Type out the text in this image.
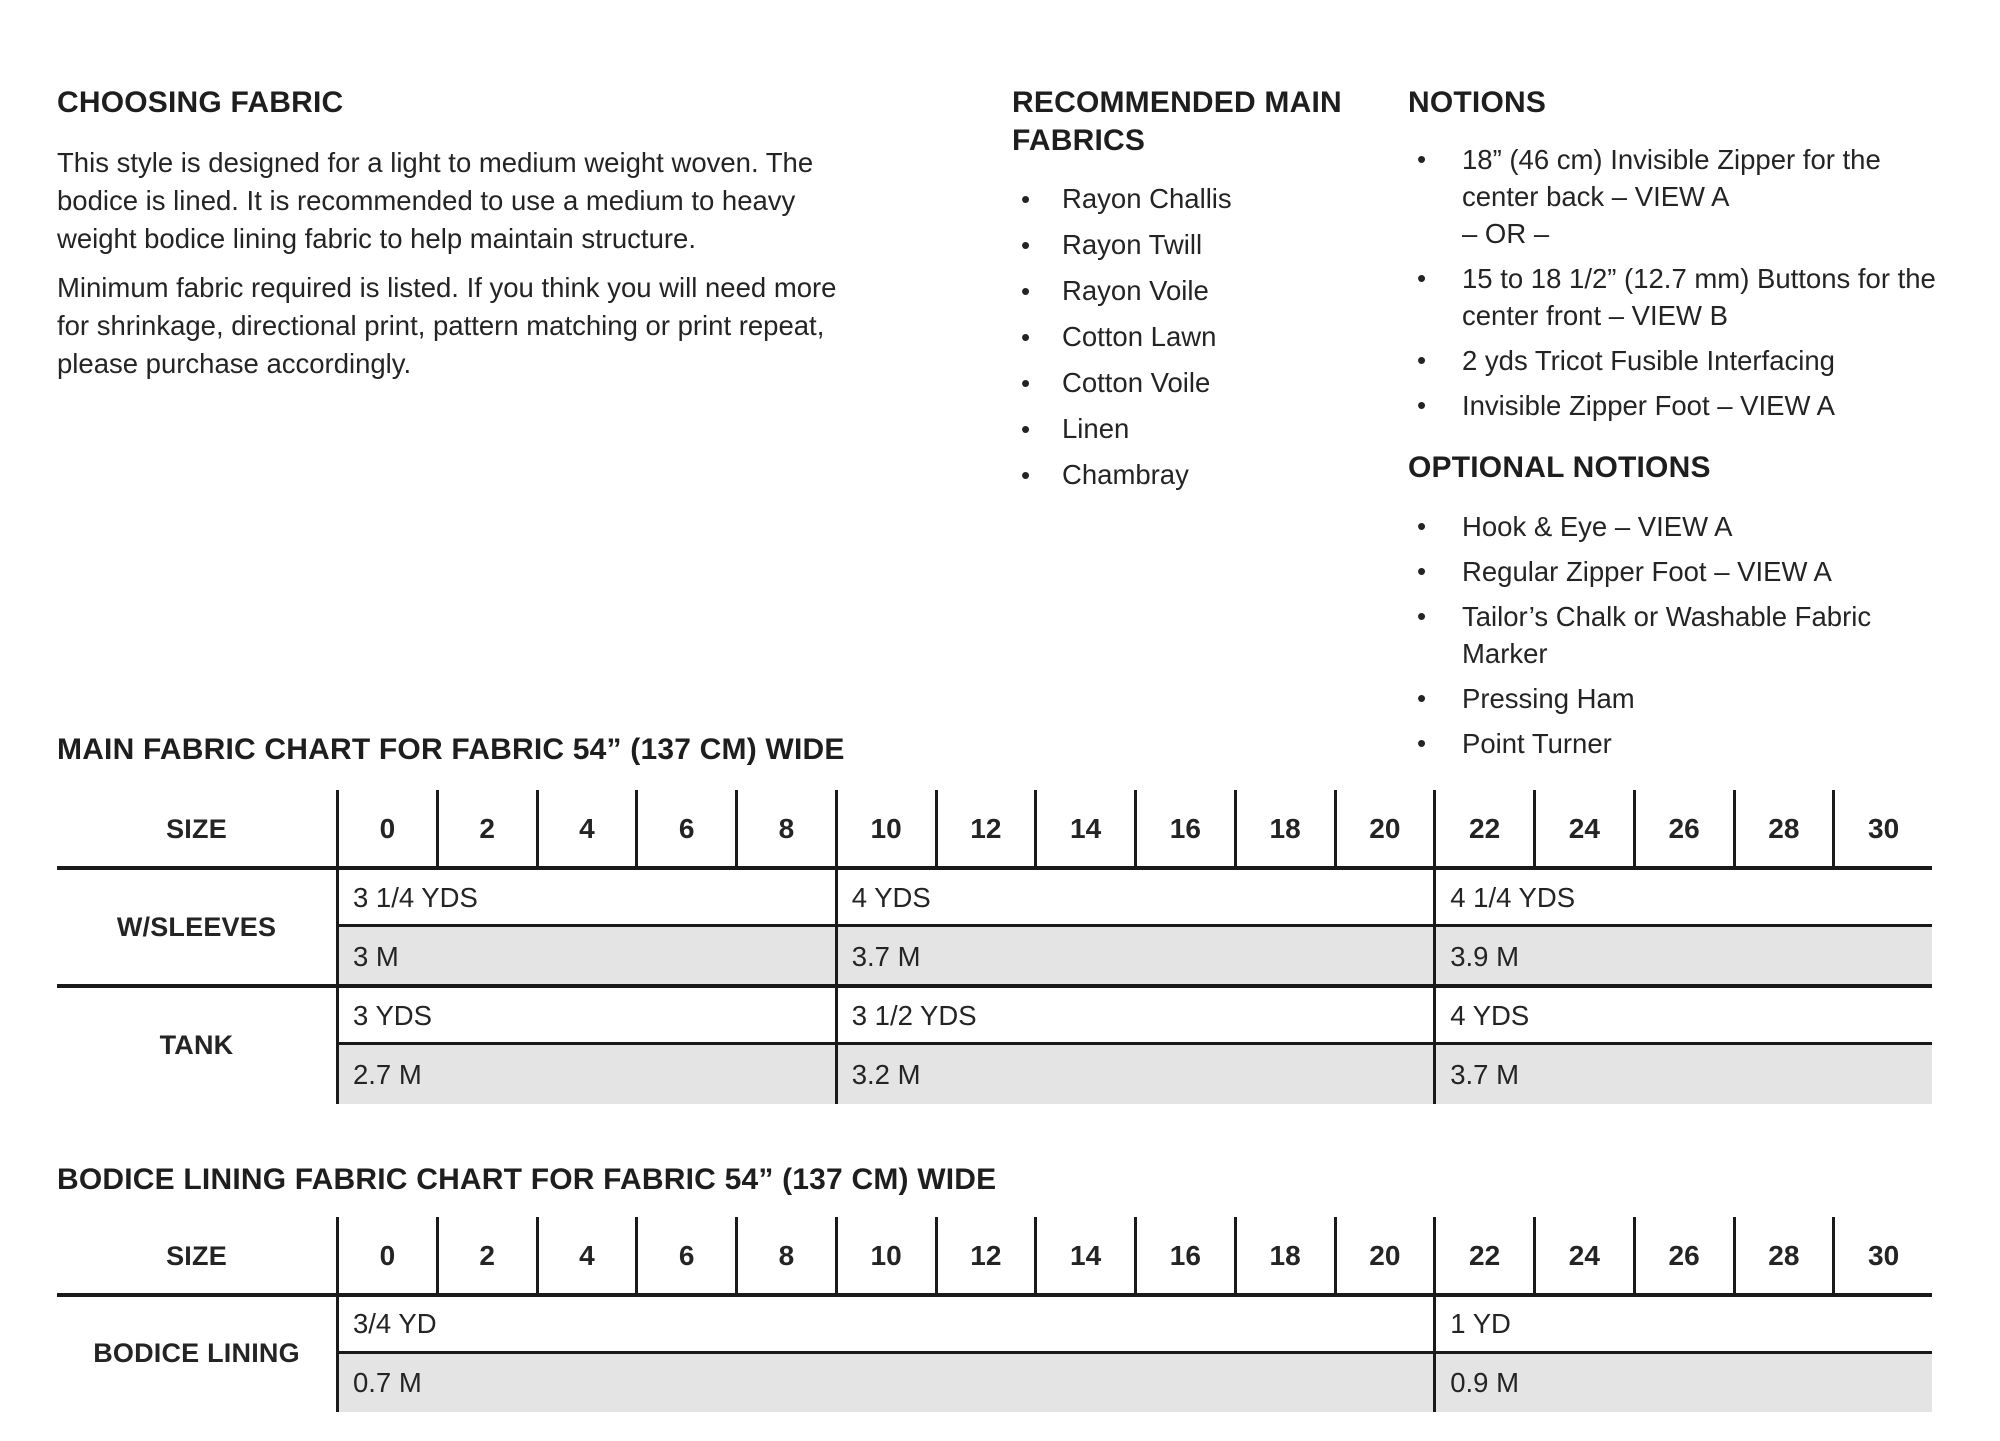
CHOOSING FABRIC
This style is designed for a light to medium weight woven. The
bodice is lined. It is recommended to use a medium to heavy
weight bodice lining fabric to help maintain structure.
Minimum fabric required is listed. If you think you will need more
for shrinkage, directional print, pattern matching or print repeat,
please purchase accordingly.
RECOMMENDED MAIN FABRICS
•	Rayon Challis
•	Rayon Twill
•	Rayon Voile
•	Cotton Lawn
•	Cotton Voile
•	Linen
•	Chambray
NOTIONS
•	18” (46 cm) Invisible Zipper for the
center back – VIEW A
– OR –
•	15 to 18 1/2” (12.7 mm) Buttons for the
center front – VIEW B
•	2 yds Tricot Fusible Interfacing
•	Invisible Zipper Foot – VIEW A
OPTIONAL NOTIONS
•	Hook & Eye – VIEW A
•	Regular Zipper Foot – VIEW A
•	Tailor’s Chalk or Washable Fabric
Marker
•	Pressing Ham
•	Point Turner
MAIN FABRIC CHART FOR FABRIC 54” (137 CM) WIDE
SIZE	0	2	4	6	8	10	12	14	16	18	20	22	24	26	28	30
W/SLEEVES
3 1/4 YDS	4 YDS	4 1/4 YDS
3 M	3.7 M	3.9 M
TANK
3 YDS	3 1/2 YDS	4 YDS
2.7 M	3.2 M	3.7 M
BODICE LINING FABRIC CHART FOR FABRIC 54” (137 CM) WIDE
SIZE	0	2	4	6	8	10	12	14	16	18	20	22	24	26	28	30
BODICE LINING
3/4 YD	1 YD
0.7 M	0.9 M
